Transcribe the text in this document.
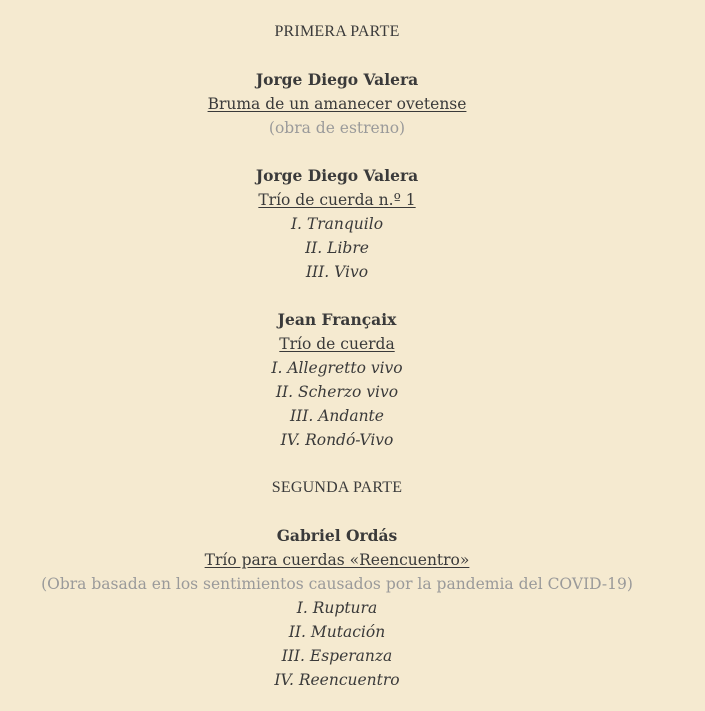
PRIMERA PARTE
Jorge Diego Valera
Bruma de un amanecer ovetense
(obra de estreno)
Jorge Diego Valera
Trío de cuerda n.º 1
I. Tranquilo
II. Libre
III. Vivo
Jean Françaix
Trío de cuerda
I. Allegretto vivo
II. Scherzo vivo
III. Andante
IV. Rondó-Vivo
SEGUNDA PARTE
Gabriel Ordás
Trío para cuerdas «Reencuentro»
(Obra basada en los sentimientos causados por la pandemia del COVID-19)
I. Ruptura
II. Mutación
III. Esperanza
IV. Reencuentro
